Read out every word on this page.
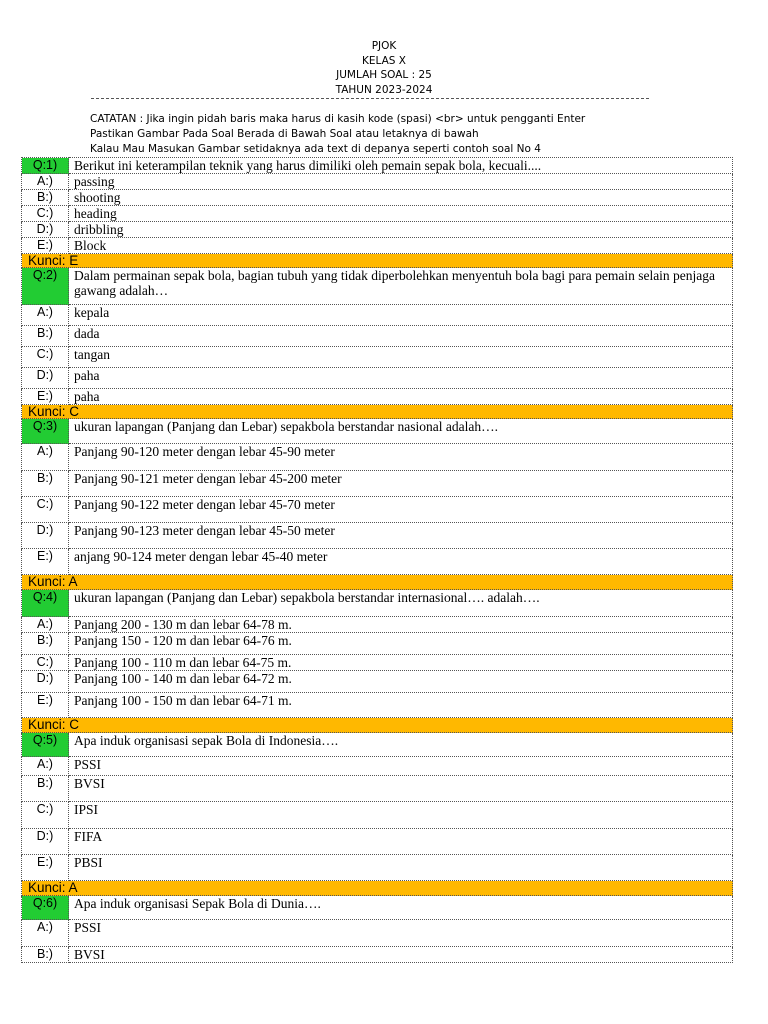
PJOK
KELAS X
JUMLAH SOAL : 25
TAHUN 2023-2024
CATATAN : Jika ingin pidah baris maka harus di kasih kode (spasi) <br> untuk pengganti Enter
Pastikan Gambar Pada Soal Berada di Bawah Soal atau letaknya di bawah
Kalau Mau Masukan Gambar setidaknya ada text di depanya seperti contoh soal No 4
Q:1)	Berikut ini keterampilan teknik yang harus dimiliki oleh pemain sepak bola, kecuali....
A:)	passing
B:)	shooting
C:)	heading
D:)	dribbling
E:)	Block
Kunci: E	
Q:2)	Dalam permainan sepak bola, bagian tubuh yang tidak diperbolehkan menyentuh bola bagi para pemain selain penjaga gawang adalah…
A:)	kepala
B:)	dada
C:)	tangan
D:)	paha
E:)	paha
Kunci: C	
Q:3)	ukuran lapangan (Panjang dan Lebar) sepakbola berstandar nasional adalah….
A:)	Panjang 90-120 meter dengan lebar 45-90 meter
B:)	Panjang 90-121 meter dengan lebar 45-200 meter
C:)	Panjang 90-122 meter dengan lebar 45-70 meter
D:)	Panjang 90-123 meter dengan lebar 45-50 meter
E:)	anjang 90-124 meter dengan lebar 45-40 meter
Kunci: A	
Q:4)	ukuran lapangan (Panjang dan Lebar) sepakbola berstandar internasional…. adalah….
A:)	Panjang 200 - 130 m dan lebar 64-78 m.
B:)	Panjang 150 - 120 m dan lebar 64-76 m.
C:)	Panjang 100 - 110 m dan lebar 64-75 m.
D:)	Panjang 100 - 140 m dan lebar 64-72 m.
E:)	Panjang 100 - 150 m dan lebar 64-71 m.
Kunci: C	
Q:5)	Apa induk organisasi sepak Bola di Indonesia….
A:)	PSSI
B:)	BVSI
C:)	IPSI
D:)	FIFA
E:)	PBSI
Kunci: A	
Q:6)	Apa induk organisasi Sepak Bola di Dunia….
A:)	PSSI
B:)	BVSI
